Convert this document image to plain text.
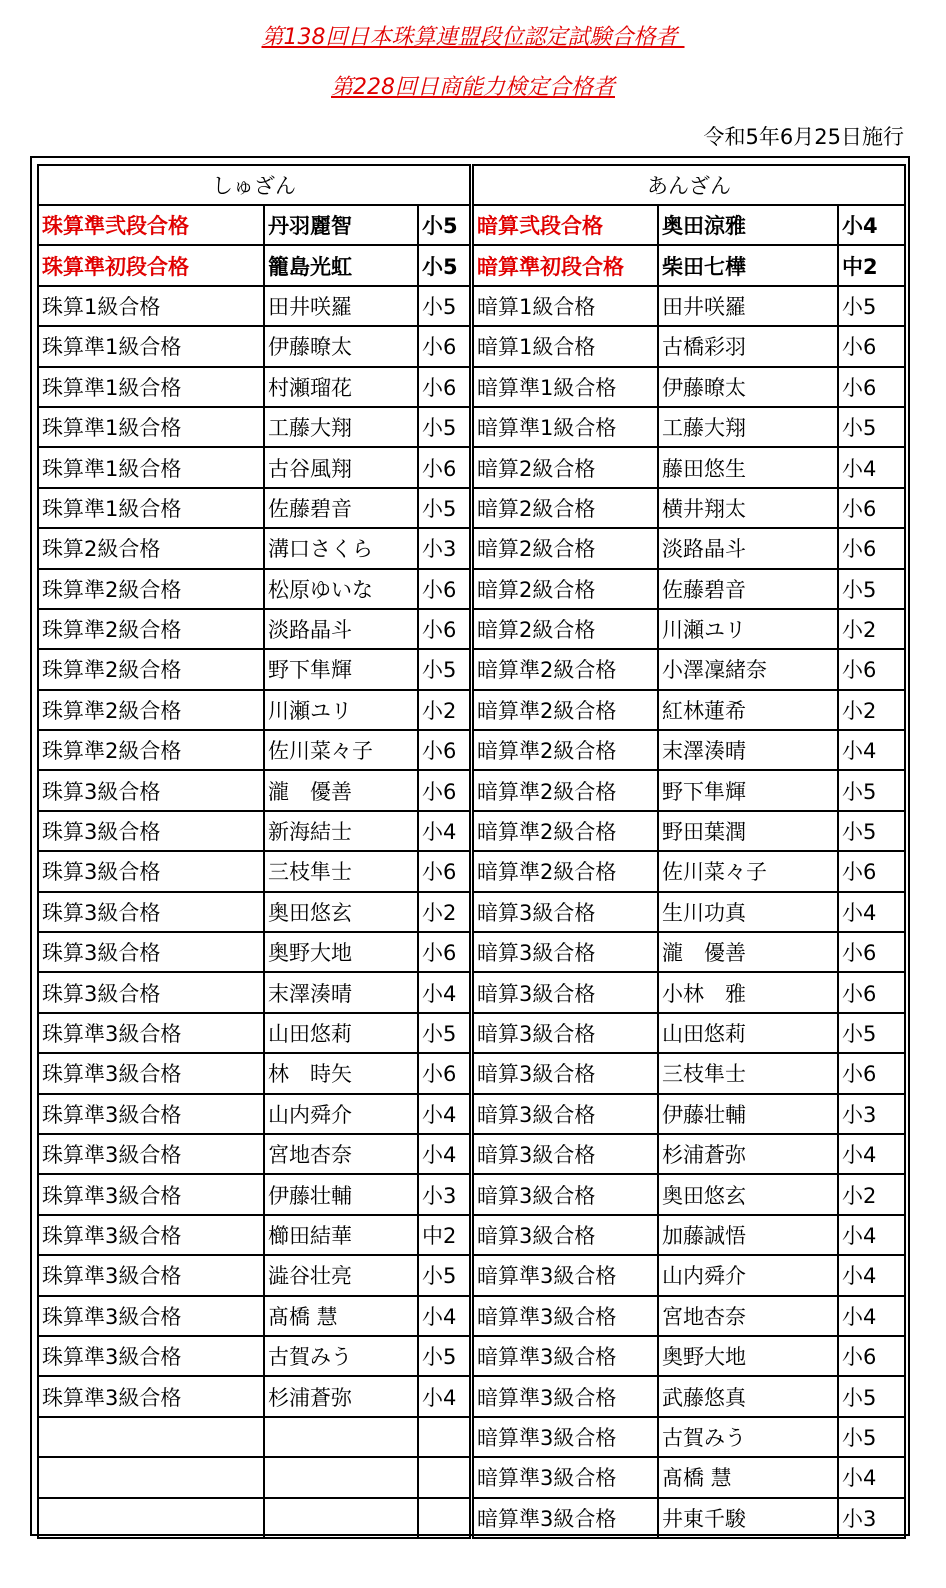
第138回日本珠算連盟段位認定試験合格者
第228回日商能力検定合格者
令和5年6月25日施行
しゅざん		
珠算準弐段合格	丹羽麗智	小5
珠算準初段合格	籠島光虹	小5
珠算1級合格	田井咲羅	小5
珠算準1級合格	伊藤暸太	小6
珠算準1級合格	村瀬瑠花	小6
珠算準1級合格	工藤大翔	小5
珠算準1級合格	古谷風翔	小6
珠算準1級合格	佐藤碧音	小5
珠算2級合格	溝口さくら	小3
珠算準2級合格	松原ゆいな	小6
珠算準2級合格	淡路晶斗	小6
珠算準2級合格	野下隼輝	小5
珠算準2級合格	川瀬ユリ	小2
珠算準2級合格	佐川菜々子	小6
珠算3級合格	瀧　優善	小6
珠算3級合格	新海結士	小4
珠算3級合格	三枝隼士	小6
珠算3級合格	奥田悠玄	小2
珠算3級合格	奥野大地	小6
珠算3級合格	末澤湊晴	小4
珠算準3級合格	山田悠莉	小5
珠算準3級合格	林　時矢	小6
珠算準3級合格	山内舜介	小4
珠算準3級合格	宮地杏奈	小4
珠算準3級合格	伊藤壮輔	小3
珠算準3級合格	櫛田結華	中2
珠算準3級合格	澁谷壮亮	小5
珠算準3級合格	髙橋 慧	小4
珠算準3級合格	古賀みう	小5
珠算準3級合格	杉浦蒼弥	小4

あんざん		
暗算弐段合格	奥田涼雅	小4
暗算準初段合格	柴田七樺	中2
暗算1級合格	田井咲羅	小5
暗算1級合格	古橋彩羽	小6
暗算準1級合格	伊藤暸太	小6
暗算準1級合格	工藤大翔	小5
暗算2級合格	藤田悠生	小4
暗算2級合格	横井翔太	小6
暗算2級合格	淡路晶斗	小6
暗算2級合格	佐藤碧音	小5
暗算2級合格	川瀬ユリ	小2
暗算準2級合格	小澤凜緒奈	小6
暗算準2級合格	紅林蓮希	小2
暗算準2級合格	末澤湊晴	小4
暗算準2級合格	野下隼輝	小5
暗算準2級合格	野田葉潤	小5
暗算準2級合格	佐川菜々子	小6
暗算3級合格	生川功真	小4
暗算3級合格	瀧　優善	小6
暗算3級合格	小林　雅	小6
暗算3級合格	山田悠莉	小5
暗算3級合格	三枝隼士	小6
暗算3級合格	伊藤壮輔	小3
暗算3級合格	杉浦蒼弥	小4
暗算3級合格	奥田悠玄	小2
暗算3級合格	加藤誠悟	小4
暗算準3級合格	山内舜介	小4
暗算準3級合格	宮地杏奈	小4
暗算準3級合格	奥野大地	小6
暗算準3級合格	武藤悠真	小5
暗算準3級合格	古賀みう	小5
暗算準3級合格	髙橋 慧	小4
暗算準3級合格	井東千駿	小3
